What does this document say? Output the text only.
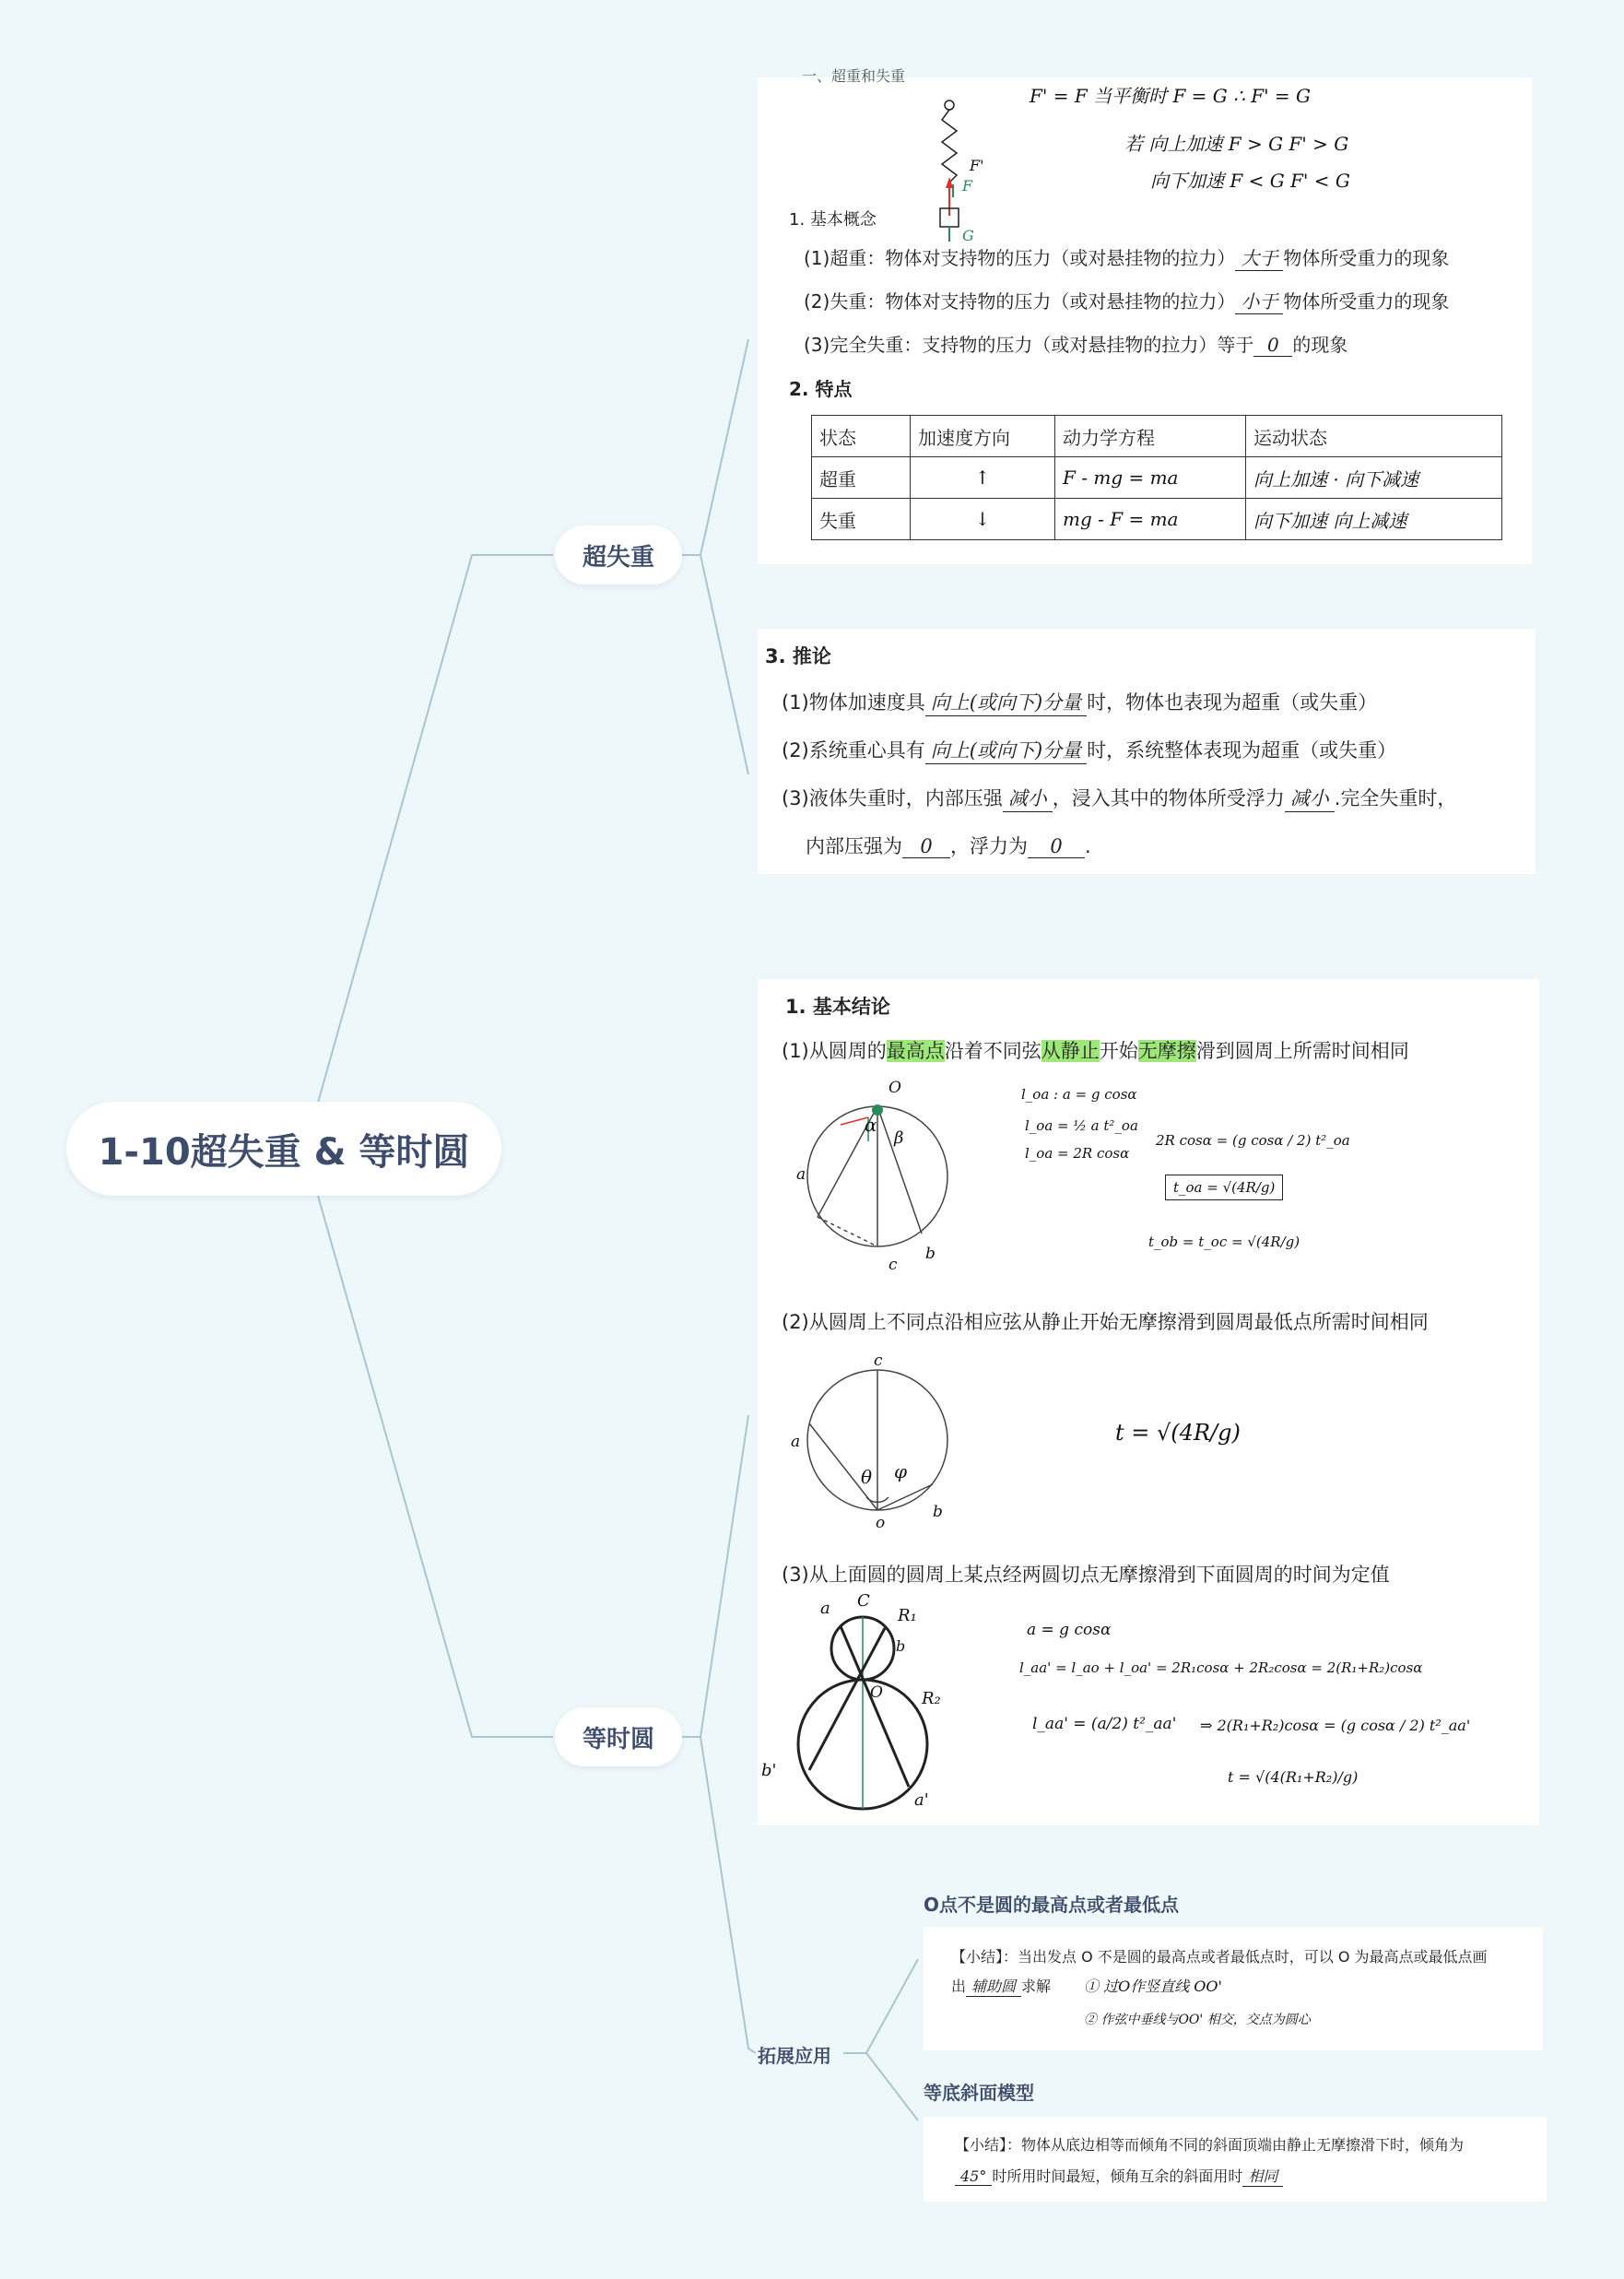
1-10超失重 & 等时圆
超失重
等时圆
拓展应用
一、超重和失重
F'
F
G
F' = F 当平衡时 F = G ∴ F' = G
若 向上加速 F > G F' > G
向下加速 F < G F' < G
1. 基本概念
(1)超重：物体对支持物的压力（或对悬挂物的拉力） 大于 物体所受重力的现象
(2)失重：物体对支持物的压力（或对悬挂物的拉力） 小于 物体所受重力的现象
(3)完全失重：支持物的压力（或对悬挂物的拉力）等于 0 的现象
2. 特点
状态	加速度方向	动力学方程	运动状态
超重	↑	F - mg = ma	向上加速 · 向下减速
失重	↓	mg - F = ma	向下加速 向上减速
3. 推论
(1)物体加速度具 向上(或向下)分量 时，物体也表现为超重（或失重）
(2)系统重心具有 向上(或向下)分量 时，系统整体表现为超重（或失重）
(3)液体失重时，内部压强 减小 ，浸入其中的物体所受浮力 减小 .完全失重时，
内部压强为 0 ，浮力为 0 .
1. 基本结论
(1)从圆周的最高点沿着不同弦从静止开始无摩擦滑到圆周上所需时间相同
O
a
b
c
α
β
l_oa : a = g cosα
l_oa = ½ a t²_oa
l_oa = 2R cosα
2R cosα = (g cosα / 2) t²_oa
t_oa = √(4R/g)
t_ob = t_oc = √(4R/g)
(2)从圆周上不同点沿相应弦从静止开始无摩擦滑到圆周最低点所需时间相同
c
a
o
b
θ φ
t = √(4R/g)
(3)从上面圆的圆周上某点经两圆切点无摩擦滑到下面圆周的时间为定值
a C
R₁
b
O R₂
b'
a'
a = g cosα
l_aa' = l_ao + l_oa' = 2R₁cosα + 2R₂cosα = 2(R₁+R₂)cosα
l_aa' = (a/2) t²_aa' ⇒ 2(R₁+R₂)cosα = (g cosα / 2) t²_aa'
t = √(4(R₁+R₂)/g)
O点不是圆的最高点或者最低点
【小结】：当出发点 O 不是圆的最高点或者最低点时，可以 O 为最高点或最低点画
出 辅助圆 求解 ① 过O作竖直线 OO'
② 作弦中垂线与OO' 相交，交点为圆心
等底斜面模型
【小结】：物体从底边相等而倾角不同的斜面顶端由静止无摩擦滑下时，倾角为
45° 时所用时间最短，倾角互余的斜面用时 相同
